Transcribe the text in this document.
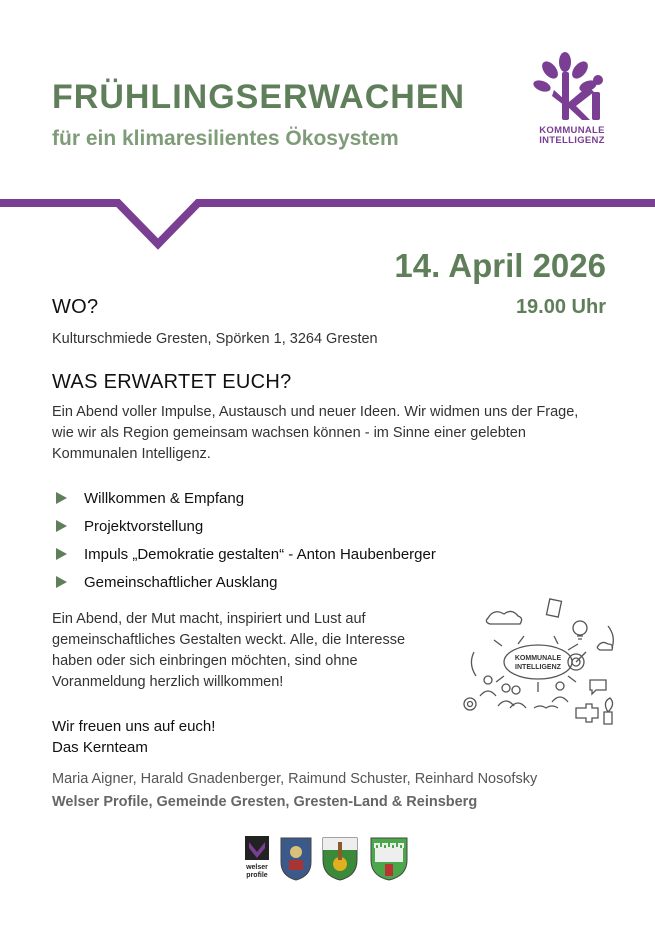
FRÜHLINGSERWACHEN
für ein klimaresilientes Ökosystem	KOMMUNALE
INTELLIGENZ
14. April 2026
19.00 Uhr
WO?

Kulturschmiede Gresten, Spörken 1, 3264 Gresten

WAS ERWARTET EUCH?
Ein Abend voller Impulse, Austausch und neuer Ideen. Wir widmen uns der Frage,
wie wir als Region gemeinsam wachsen können - im Sinne einer gelebten
Kommunalen Intelligenz.
Willkommen & Empfang
Projektvorstellung
Impuls „Demokratie gestalten“ - Anton Haubenberger
Gemeinschaftlicher Ausklang
Ein Abend, der Mut macht, inspiriert und Lust auf
gemeinschaftliches Gestalten weckt. Alle, die Interesse
haben oder sich einbringen möchten, sind ohne
Voranmeldung herzlich willkommen!
KOMMUNALE
INTELLIGENZ
Wir freuen uns auf euch!
Das Kernteam
Maria Aigner, Harald Gnadenberger, Raimund Schuster, Reinhard Nosofsky
Welser Profile, Gemeinde Gresten, Gresten-Land & Reinsberg
welser
profile
